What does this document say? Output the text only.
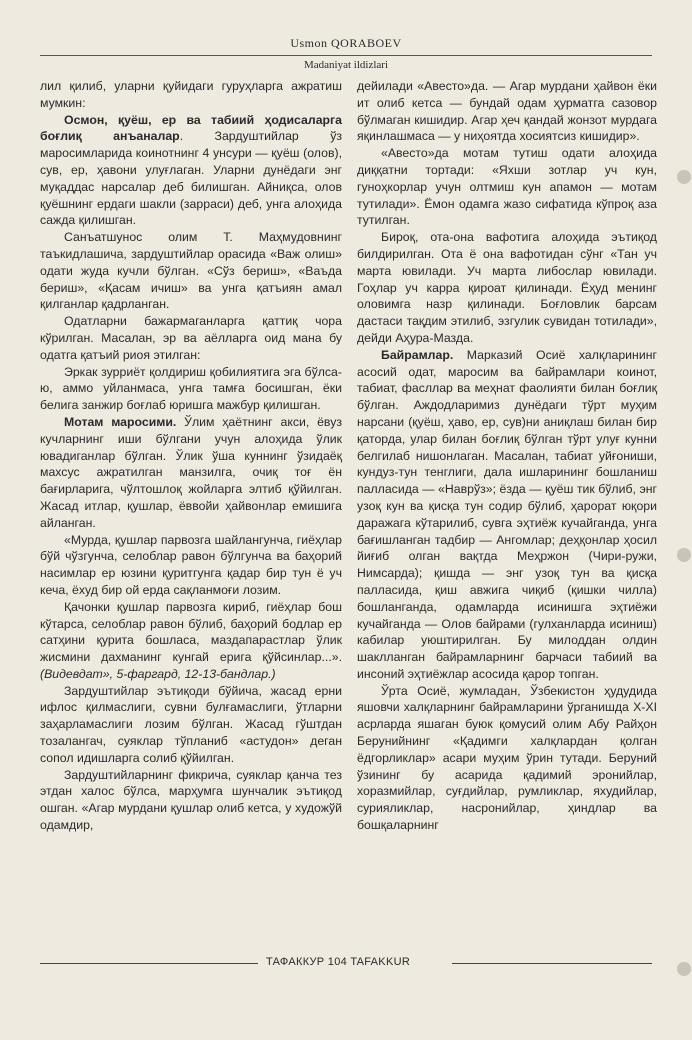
Usmon QORABOEV
Madaniyat ildizlari

лил қилиб, уларни қуйидаги гуруҳларга ажратиш мумкин:

Осмон, қуёш, ер ва табиий ҳодисаларга боғлиқ анъаналар. Зардуштийлар ўз маросимларида коинотнинг 4 унсури — қуёш (олов), сув, ер, ҳавони улуғлаган. Уларни дунёдаги энг муқаддас нарсалар деб билишган. Айниқса, олов қуёшнинг ердаги шакли (зарраси) деб, унга алоҳида сажда қилишган.

Санъатшунос олим Т. Маҳмудовнинг таъкидлашича, зардуштийлар орасида «Важ олиш» одати жуда кучли бўлган. «Сўз бериш», «Ваъда бериш», «Қасам ичиш» ва унга қатъиян амал қилганлар қадрланган.

Одатларни бажармаганларга қаттиқ чора кўрилган. Масалан, эр ва аёлларга оид мана бу одатга қатъий риоя этилган:

Эркак зурриёт қолдириш қобилиятига эга бўлса-ю, аммо уйланмаса, унга тамға босишган, ёки белига занжир боғлаб юришга мажбур қилишган.

Мотам маросими. Ўлим ҳаётнинг акси, ёвуз кучларнинг иши бўлгани учун алоҳида ўлик ювадиганлар бўлган. Ўлик ўша куннинг ўзидаёқ махсус ажратилган манзилга, очиқ тоғ ён бағирларига, чўлтошлоқ жойларга элтиб қўйилган. Жасад итлар, қушлар, ёввойи ҳайвонлар емишига айланган.

«Мурда, қушлар парвозга шайлангунча, гиёҳлар бўй чўзгунча, селоблар равон бўлгунча ва баҳорий насимлар ер юзини қуритгунга қадар бир тун ё уч кеча, ёхуд бир ой ерда сақланмоғи лозим.

Қачонки қушлар парвозга кириб, гиёҳлар бош кўтарса, селоблар равон бўлиб, баҳорий бодлар ер сатҳини қурита бошласа, маздапарастлар ўлик жисмини дахманинг кунгай ерига қўйсинлар...». (Видевдат», 5-фаргард, 12-13-бандлар.)

Зардуштийлар эътиқоди бўйича, жасад ерни ифлос қилмаслиги, сувни булғамаслиги, ўтларни заҳарламаслиги лозим бўлган. Жасад гўштдан тозалангач, суяклар тўпланиб «астудон» деган сопол идишларга солиб қўйилган.

Зардуштийларнинг фикрича, суяклар қанча тез этдан халос бўлса, марҳумга шунчалик эътиқод ошган. «Агар мурдани қушлар олиб кетса, у художўй одамдир,

дейилади «Авесто»да. — Агар мурдани ҳайвон ёки ит олиб кетса — бундай одам ҳурматга сазовор бўлмаган кишидир. Агар ҳеч қандай жонзот мурдага яқинлашмаса — у ниҳоятда хосиятсиз кишидир».

«Авесто»да мотам тутиш одати алоҳида диққатни тортади: «Яхши зотлар уч кун, гуноҳкорлар учун олтмиш кун апамон — мотам тутилади». Ёмон одамга жазо сифатида кўпроқ аза тутилган.

Бироқ, ота-она вафотига алоҳида эътиқод билдирилган. Ота ё она вафотидан сўнг «Тан уч марта ювилади. Уч марта либослар ювилади. Гоҳлар уч карра қироат қилинади. Ёҳуд менинг оловимга назр қилинади. Боғловлик барсам дастаси тақдим этилиб, эзгулик сувидан тотилади», дейди Аҳура-Мазда.

Байрамлар. Марказий Осиё халқларининг асосий одат, маросим ва байрамлари коинот, табиат, фасллар ва меҳнат фаолияти билан боғлиқ бўлган. Аждодларимиз дунёдаги тўрт муҳим нарсани (қуёш, ҳаво, ер, сув)ни аниқлаш билан бир қаторда, улар билан боғлиқ бўлган тўрт улуғ кунни белгилаб нишонлаган. Масалан, табиат уйғониши, кундуз-тун тенглиги, дала ишларининг бошланиш палласида — «Наврўз»; ёзда — қуёш тик бўлиб, энг узоқ кун ва қисқа тун содир бўлиб, ҳарорат юқори даражага кўтарилиб, сувга эҳтиёж кучайганда, унга бағишланган тадбир — Ангомлар; деҳқонлар ҳосил йиғиб олган вақтда Меҳржон (Чири-ружи, Нимсарда); қишда — энг узоқ тун ва қисқа палласида, қиш авжига чиқиб (қишки чилла) бошланганда, одамларда исинишга эҳтиёжи кучайганда — Олов байрами (гулханларда исиниш) кабилар уюштирилган. Бу милоддан олдин шаклланган байрамларнинг барчаси табиий ва инсоний эҳтиёжлар асосида қарор топган.

Ўрта Осиё, жумладан, Ўзбекистон ҳудудида яшовчи халқларнинг байрамларини ўрганишда X-XI асрларда яшаган буюк қомусий олим Абу Райҳон Берунийнинг «Қадимги халқлардан қолган ёдгорликлар» асари муҳим ўрин тутади. Беруний ўзининг бу асарида қадимий эронийлар, хоразмийлар, суғдийлар, румликлар, яхудийлар, сурияликлар, насронийлар, ҳиндлар ва бошқаларнинг

ТАФАККУР 104 TAFAKKUR
